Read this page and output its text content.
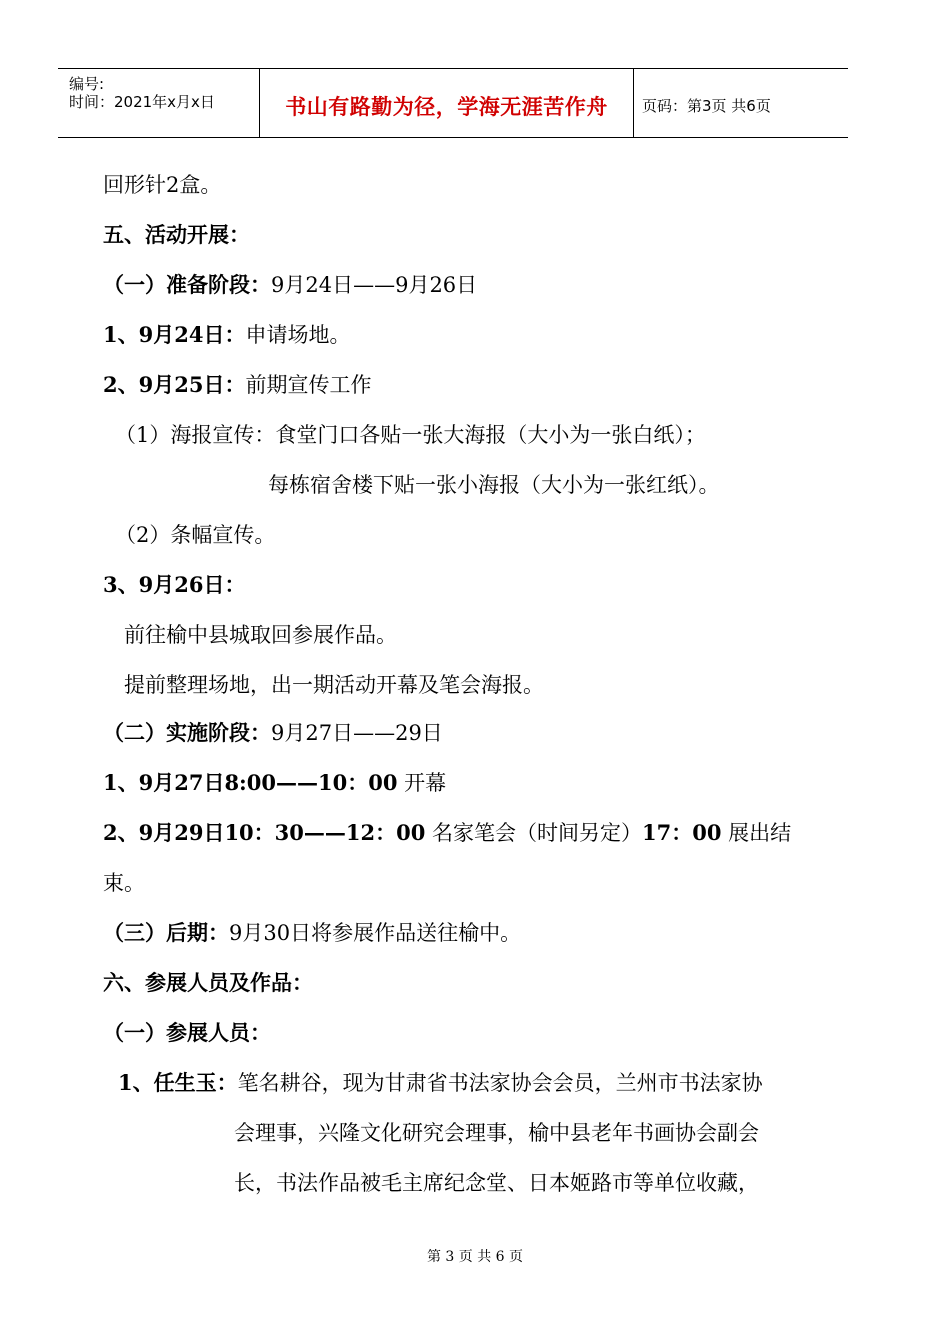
编号:
时间：2021年x月x日	书山有路勤为径，学海无涯苦作舟	页码：第3页 共6页
回形针2盒。
五、活动开展：
（一）准备阶段：9月24日——9月26日
1、9月24日：申请场地。
2、9月25日：前期宣传工作
（1）海报宣传：食堂门口各贴一张大海报（大小为一张白纸）；
每栋宿舍楼下贴一张小海报（大小为一张红纸）。
（2）条幅宣传。
3、9月26日：
前往榆中县城取回参展作品。
提前整理场地，出一期活动开幕及笔会海报。
（二）实施阶段：9月27日——29日
1、9月27日8:00——10：00 开幕
2、9月29日10：30——12：00 名家笔会（时间另定）17：00 展出结
束。
（三）后期：9月30日将参展作品送往榆中。
六、参展人员及作品：
（一）参展人员：
1、任生玉：笔名耕谷，现为甘肃省书法家协会会员，兰州市书法家协
会理事，兴隆文化研究会理事，榆中县老年书画协会副会
长，书法作品被毛主席纪念堂、日本姬路市等单位收藏，
第 3 页 共 6 页
